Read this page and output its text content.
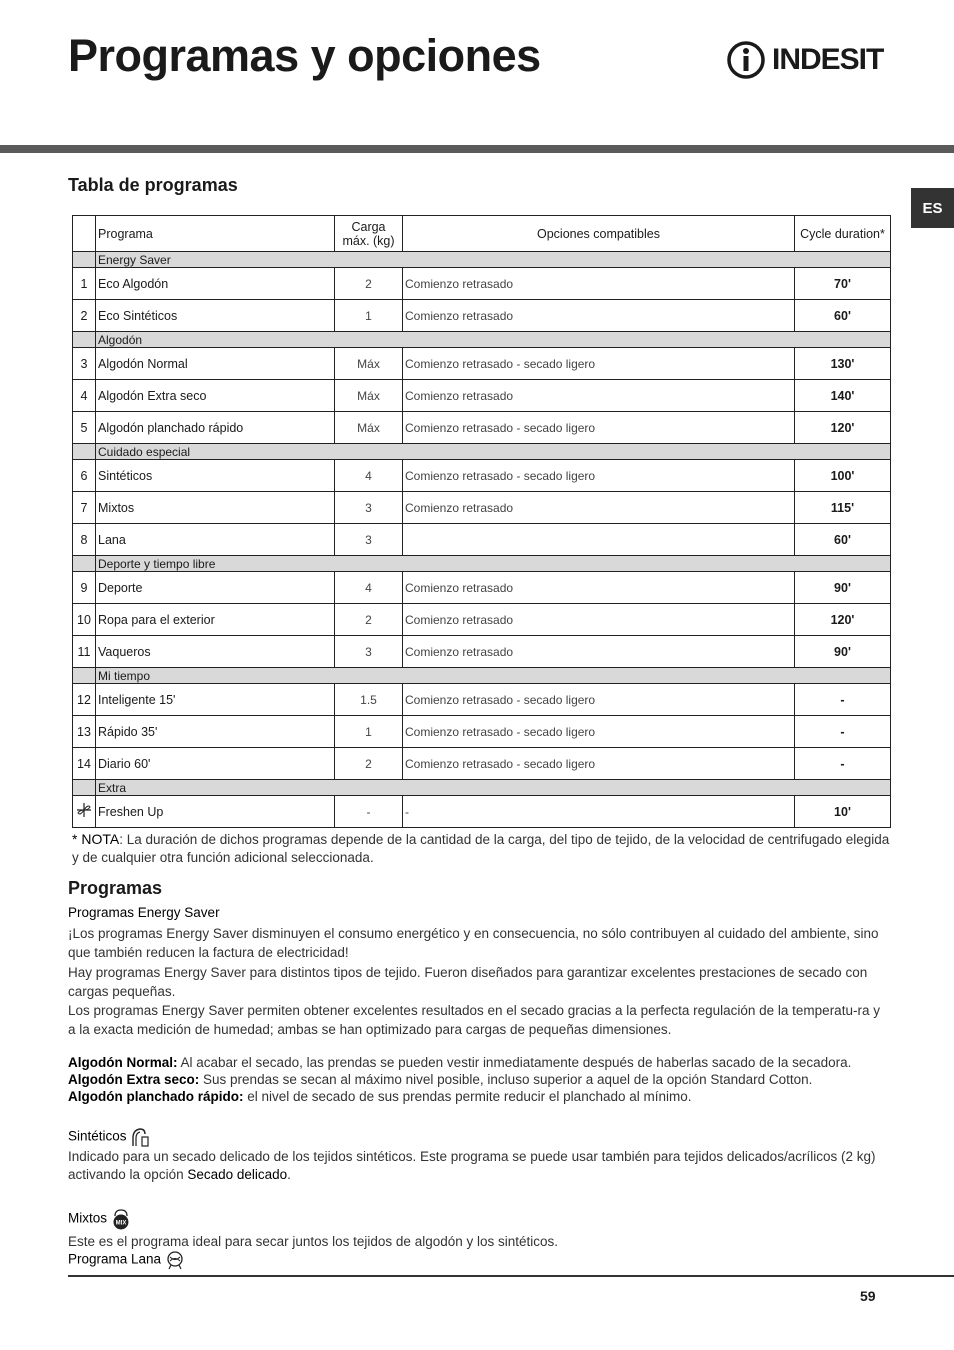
Programas y opciones	INDESIT
ES
Tabla de programas
	Programa	Carga máx. (kg)	Opciones compatibles	Cycle duration*
	Energy Saver			
1	Eco Algodón	2	Comienzo retrasado	70'
2	Eco Sintéticos	1	Comienzo retrasado	60'
	Algodón			
3	Algodón Normal	Máx	Comienzo retrasado - secado ligero	130'
4	Algodón Extra seco	Máx	Comienzo retrasado	140'
5	Algodón planchado rápido	Máx	Comienzo retrasado - secado ligero	120'
	Cuidado especial			
6	Sintéticos	4	Comienzo retrasado - secado ligero	100'
7	Mixtos	3	Comienzo retrasado	115'
8	Lana	3		60'
	Deporte y tiempo libre			
9	Deporte	4	Comienzo retrasado	90'
10	Ropa para el exterior	2	Comienzo retrasado	120'
11	Vaqueros	3	Comienzo retrasado	90'
	Mi tiempo			
12	Inteligente 15'	1.5	Comienzo retrasado - secado ligero	-
13	Rápido 35'	1	Comienzo retrasado - secado ligero	-
14	Diario 60'	2	Comienzo retrasado - secado ligero	-
	Extra			
	Freshen Up	-	-	10'
* NOTA: La duración de dichos programas depende de la cantidad de la carga, del tipo de tejido, de la velocidad de centrifugado elegida y de cualquier otra función adicional seleccionada.
Programas

Programas Energy Saver

¡Los programas Energy Saver disminuyen el consumo energético y en consecuencia, no sólo contribuyen al cuidado del ambiente, sino que también reducen la factura de electricidad!

Hay programas Energy Saver para distintos tipos de tejido. Fueron diseñados para garantizar excelentes prestaciones de secado con cargas pequeñas.

Los programas Energy Saver permiten obtener excelentes resultados en el secado gracias a la perfecta regulación de la temperatu-ra y a la exacta medición de humedad; ambas se han optimizado para cargas de pequeñas dimensiones.

Algodón Normal: Al acabar el secado, las prendas se pueden vestir inmediatamente después de haberlas sacado de la secadora.
Algodón Extra seco: Sus prendas se secan al máximo nivel posible, incluso superior a aquel de la opción Standard Cotton.
Algodón planchado rápido: el nivel de secado de sus prendas permite reducir el planchado al mínimo.

Sintéticos

Indicado para un secado delicado de los tejidos sintéticos. Este programa se puede usar también para tejidos delicados/acrílicos (2 kg) activando la opción Secado delicado.

Mixtos MIX

Este es el programa ideal para secar juntos los tejidos de algodón y los sintéticos.

Programa Lana

59
